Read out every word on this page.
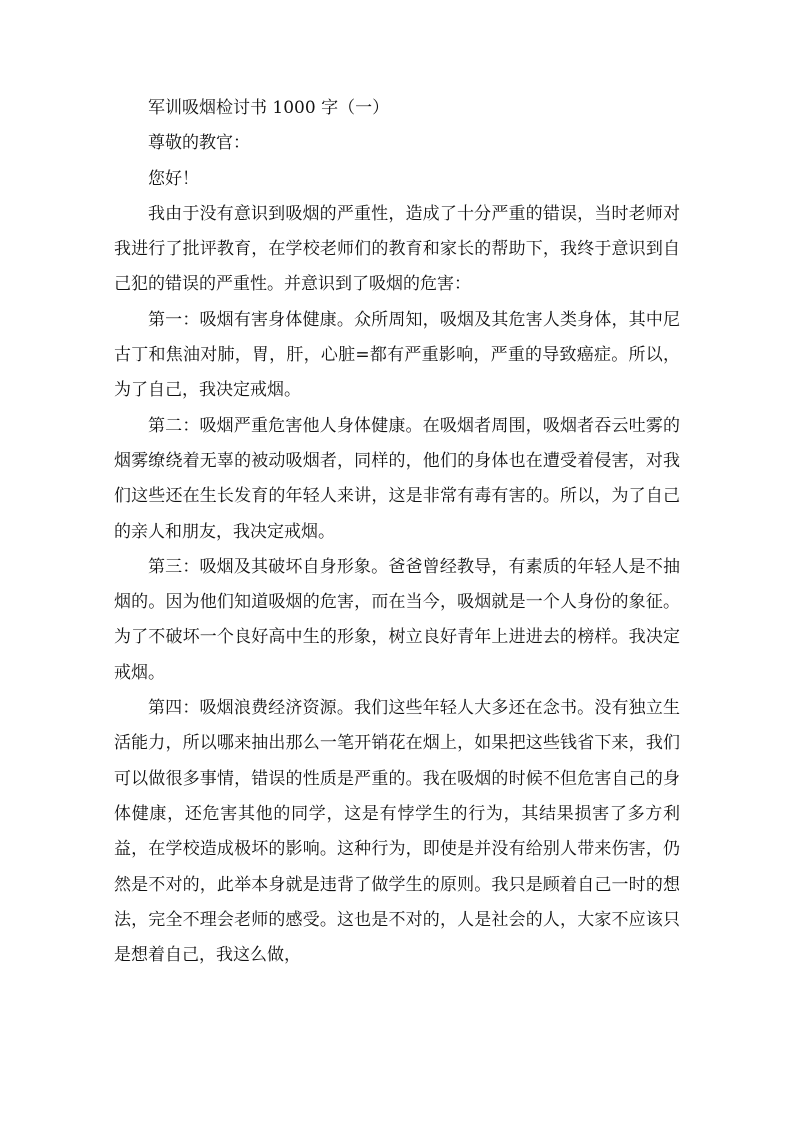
军训吸烟检讨书 1000 字（一）

尊敬的教官：

您好！

我由于没有意识到吸烟的严重性，造成了十分严重的错误，当时老师对我进行了批评教育，在学校老师们的教育和家长的帮助下，我终于意识到自己犯的错误的严重性。并意识到了吸烟的危害：

第一：吸烟有害身体健康。众所周知，吸烟及其危害人类身体，其中尼古丁和焦油对肺，胃，肝，心脏=都有严重影响，严重的导致癌症。所以，为了自己，我决定戒烟。

第二：吸烟严重危害他人身体健康。在吸烟者周围，吸烟者吞云吐雾的烟雾缭绕着无辜的被动吸烟者，同样的，他们的身体也在遭受着侵害，对我们这些还在生长发育的年轻人来讲，这是非常有毒有害的。所以，为了自己的亲人和朋友，我决定戒烟。

第三：吸烟及其破坏自身形象。爸爸曾经教导，有素质的年轻人是不抽烟的。因为他们知道吸烟的危害，而在当今，吸烟就是一个人身份的象征。为了不破坏一个良好高中生的形象，树立良好青年上进进去的榜样。我决定戒烟。

第四：吸烟浪费经济资源。我们这些年轻人大多还在念书。没有独立生活能力，所以哪来抽出那么一笔开销花在烟上，如果把这些钱省下来，我们可以做很多事情，错误的性质是严重的。我在吸烟的时候不但危害自己的身体健康，还危害其他的同学，这是有悖学生的行为，其结果损害了多方利益，在学校造成极坏的影响。这种行为，即使是并没有给别人带来伤害，仍然是不对的，此举本身就是违背了做学生的原则。我只是顾着自己一时的想法，完全不理会老师的感受。这也是不对的，人是社会的人，大家不应该只是想着自己，我这么做，
